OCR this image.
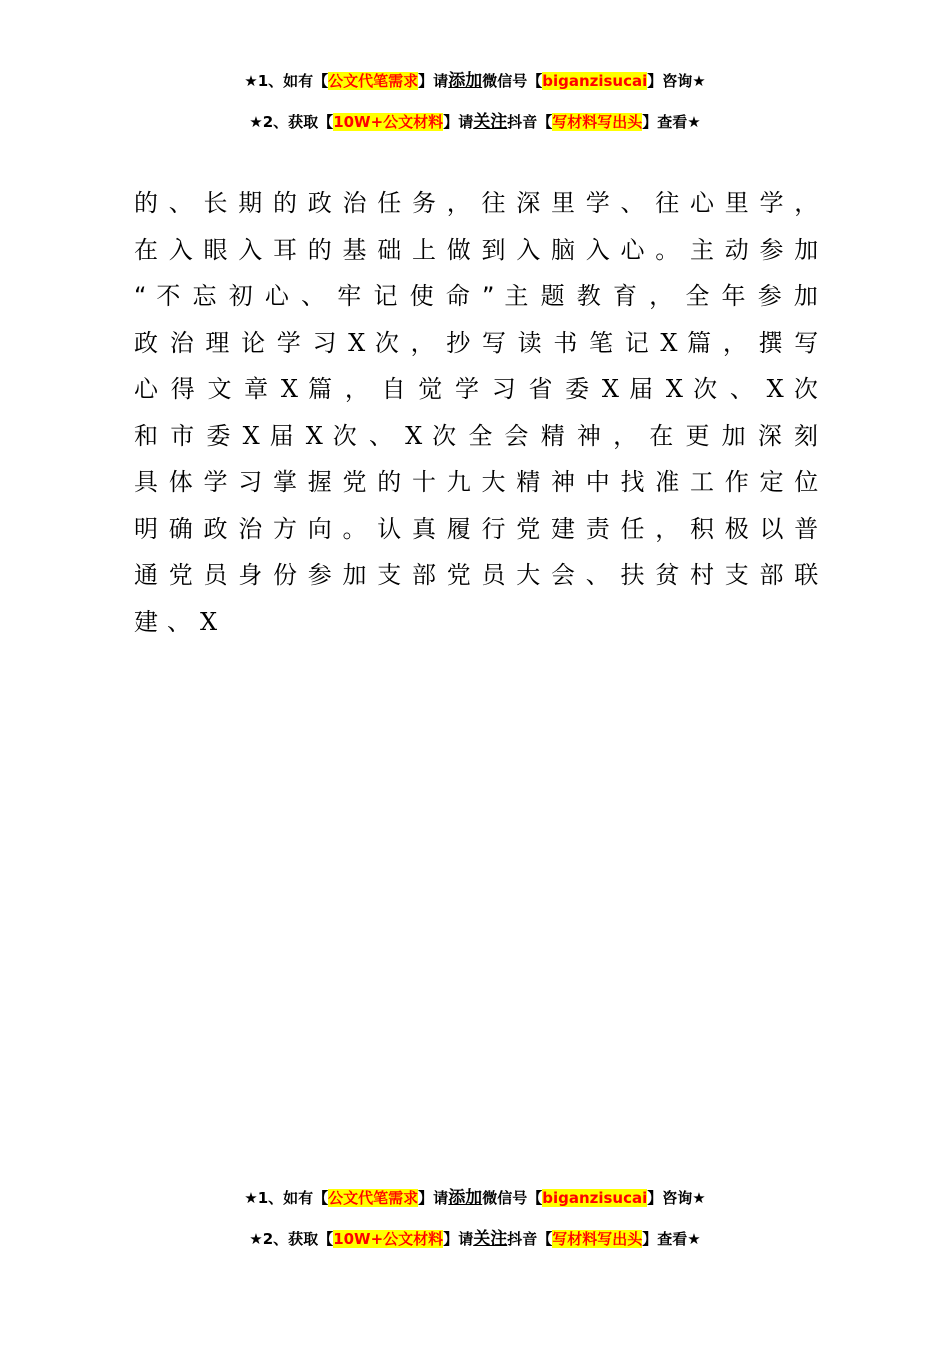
★1、如有【公文代笔需求】请添加微信号【biganzisucai】咨询★
★2、获取【10W+公文材料】请关注抖音【写材料写出头】查看★
的 、 长 期 的 政 治 任 务 ， 往 深 里 学 、 往 心 里 学 ，
在 入 眼 入 耳 的 基 础 上 做 到 入 脑 入 心 。 主 动 参 加
“ 不 忘 初 心 、 牢 记 使 命 ” 主 题 教 育 ， 全 年 参 加
政 治 理 论 学 习 X 次 ， 抄 写 读 书 笔 记 X 篇 ， 撰 写
心 得 文 章 X 篇 ， 自 觉 学 习 省 委 X 届 X 次 、 X 次
和 市 委 X 届 X 次 、 X 次 全 会 精 神 ， 在 更 加 深 刻
具 体 学 习 掌 握 党 的 十 九 大 精 神 中 找 准 工 作 定 位
明 确 政 治 方 向 。 认 真 履 行 党 建 责 任 ， 积 极 以 普
通 党 员 身 份 参 加 支 部 党 员 大 会 、 扶 贫 村 支 部 联
建、X
★1、如有【公文代笔需求】请添加微信号【biganzisucai】咨询★
★2、获取【10W+公文材料】请关注抖音【写材料写出头】查看★
